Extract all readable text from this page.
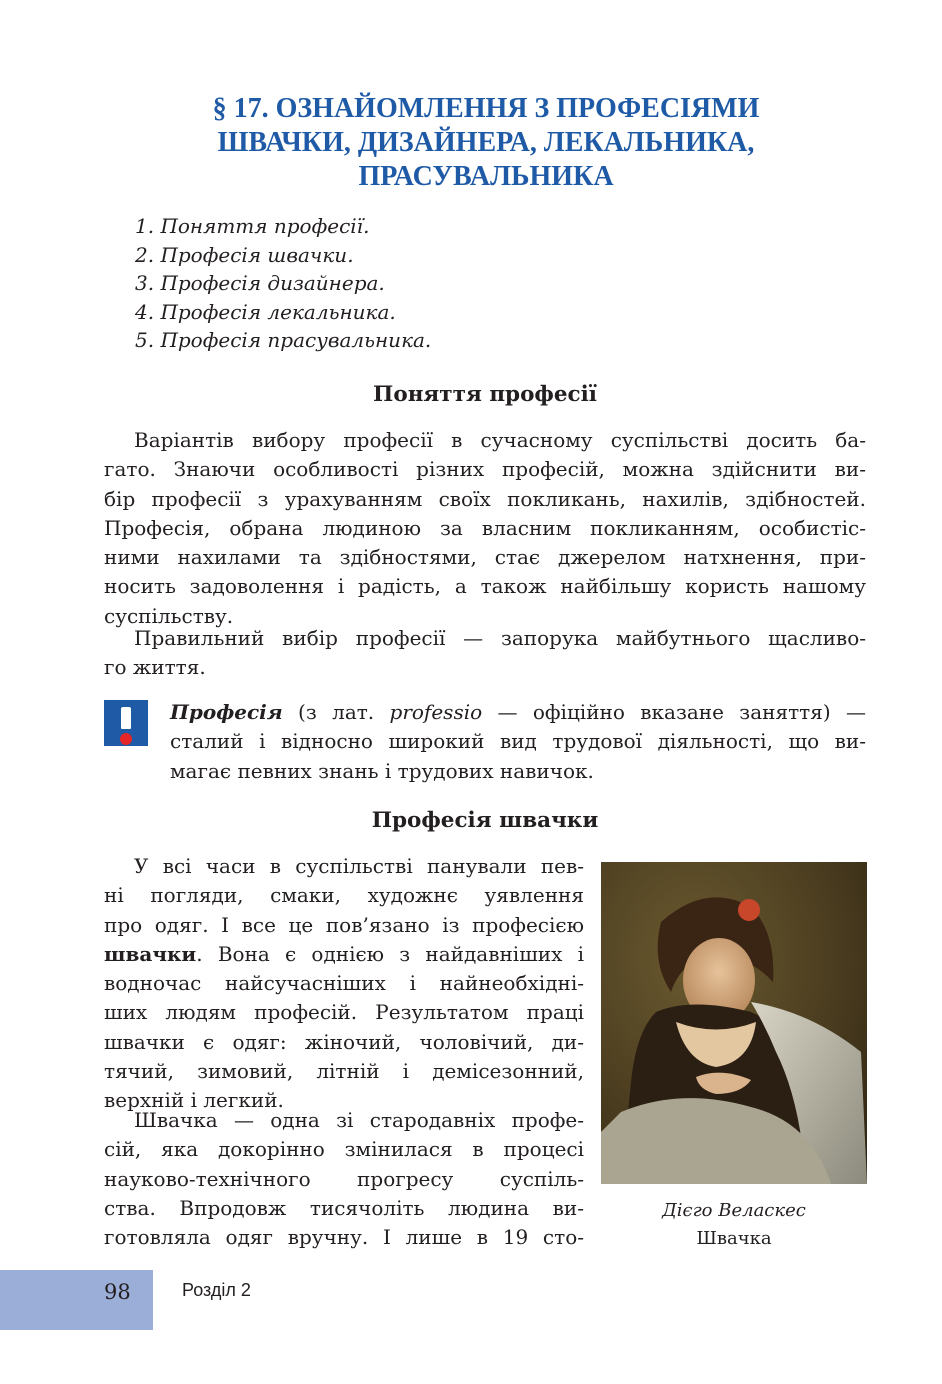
§ 17. ОЗНАЙОМЛЕННЯ З ПРОФЕСІЯМИ
ШВАЧКИ, ДИЗАЙНЕРА, ЛЕКАЛЬНИКА,
ПРАСУВАЛЬНИКА
1. Поняття професії.
2. Професія швачки.
3. Професія дизайнера.
4. Професія лекальника.
5. Професія прасувальника.
Поняття професії
Варіантів вибору професії в сучасному суспільстві досить ба-
гато. Знаючи особливості різних професій, можна здійснити ви-
бір професії з урахуванням своїх покликань, нахилів, здібностей.
Професія, обрана людиною за власним покликанням, особистіс-
ними нахилами та здібностями, стає джерелом натхнення, при-
носить задоволення і радість, а також найбільшу користь нашому
суспільству.
Правильний вибір професії — запорука майбутнього щасливо-
го життя.
Професія (з лат. professio — офіційно вказане заняття) —
сталий і відносно широкий вид трудової діяльності, що ви-
магає певних знань і трудових навичок.
Професія швачки
У всі часи в суспільстві панували пев-
ні погляди, смаки, художнє уявлення
про одяг. І все це пов’язано із професією
швачки. Вона є однією з найдавніших і
водночас найсучасніших і найнеобхідні-
ших людям професій. Результатом праці
швачки є одяг: жіночий, чоловічий, ди-
тячий, зимовий, літній і демісезонний,
верхній і легкий.
Швачка — одна зі стародавніх профе-
сій, яка докорінно змінилася в процесі
науково-технічного прогресу суспіль-
ства. Впродовж тисячоліть людина ви-
готовляла одяг вручну. І лише в 19 сто-
Дієго Веласкес
Швачка
98	Розділ 2
